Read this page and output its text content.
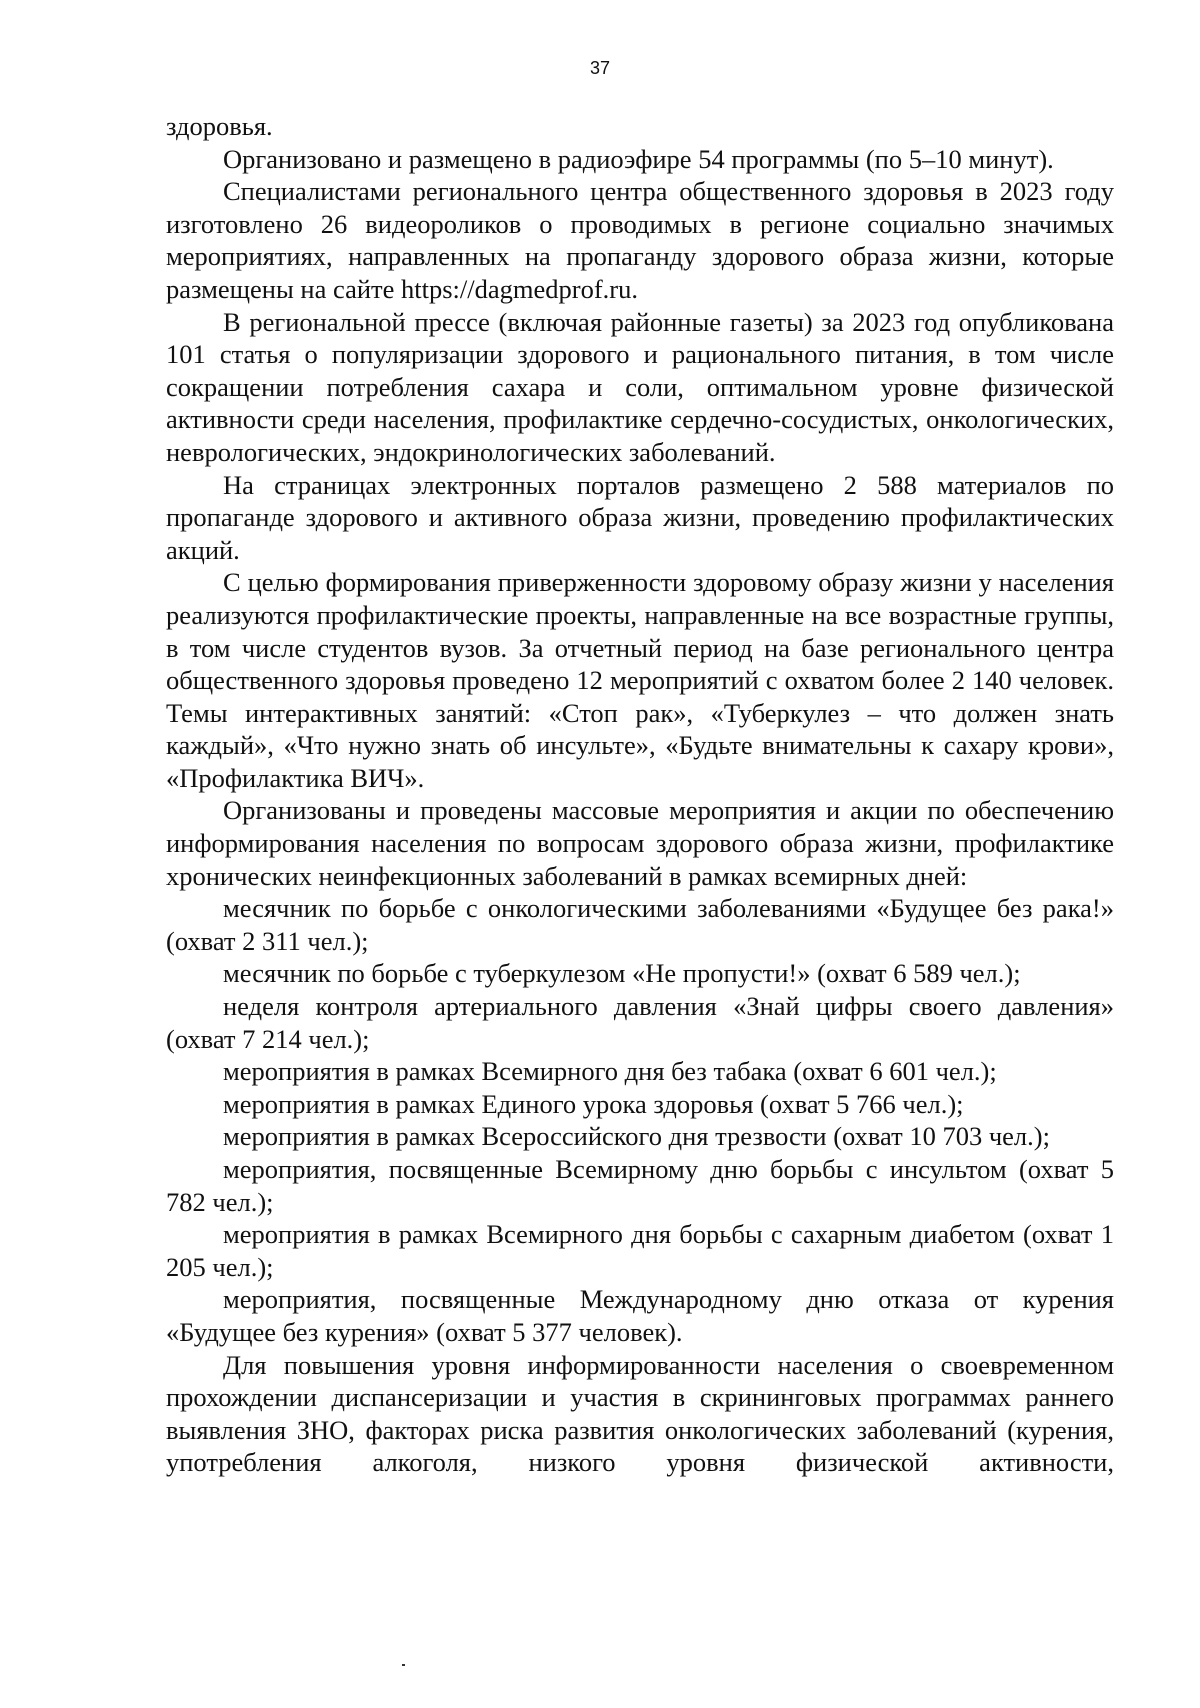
37

здоровья.

Организовано и размещено в радиоэфире 54 программы (по 5–10 минут).

Специалистами регионального центра общественного здоровья в 2023 году изготовлено 26 видеороликов о проводимых в регионе социально значимых мероприятиях, направленных на пропаганду здорового образа жизни, которые размещены на сайте https://dagmedprof.ru.

В региональной прессе (включая районные газеты) за 2023 год опубликована 101 статья о популяризации здорового и рационального питания, в том числе сокращении потребления сахара и соли, оптимальном уровне физической активности среди населения, профилактике сердечно-сосудистых, онкологических, неврологических, эндокринологических заболеваний.

На страницах электронных порталов размещено 2 588 материалов по пропаганде здорового и активного образа жизни, проведению профилактических акций.

С целью формирования приверженности здоровому образу жизни у населения реализуются профилактические проекты, направленные на все возрастные группы, в том числе студентов вузов. За отчетный период на базе регионального центра общественного здоровья проведено 12 мероприятий с охватом более 2 140 человек. Темы интерактивных занятий: «Стоп рак», «Туберкулез – что должен знать каждый», «Что нужно знать об инсульте», «Будьте внимательны к сахару крови», «Профилактика ВИЧ».

Организованы и проведены массовые мероприятия и акции по обеспечению информирования населения по вопросам здорового образа жизни, профилактике хронических неинфекционных заболеваний в рамках всемирных дней:

месячник по борьбе с онкологическими заболеваниями «Будущее без рака!» (охват 2 311 чел.);

месячник по борьбе с туберкулезом «Не пропусти!» (охват 6 589 чел.);

неделя контроля артериального давления «Знай цифры своего давления» (охват 7 214 чел.);

мероприятия в рамках Всемирного дня без табака (охват 6 601 чел.);

мероприятия в рамках Единого урока здоровья (охват 5 766 чел.);

мероприятия в рамках Всероссийского дня трезвости (охват 10 703 чел.);

мероприятия, посвященные Всемирному дню борьбы с инсультом (охват 5 782 чел.);

мероприятия в рамках Всемирного дня борьбы с сахарным диабетом (охват 1 205 чел.);

мероприятия, посвященные Международному дню отказа от курения «Будущее без курения» (охват 5 377 человек).

Для повышения уровня информированности населения о своевременном прохождении диспансеризации и участия в скрининговых программах раннего выявления ЗНО, факторах риска развития онкологических заболеваний (курения, употребления алкоголя, низкого уровня физической активности,
